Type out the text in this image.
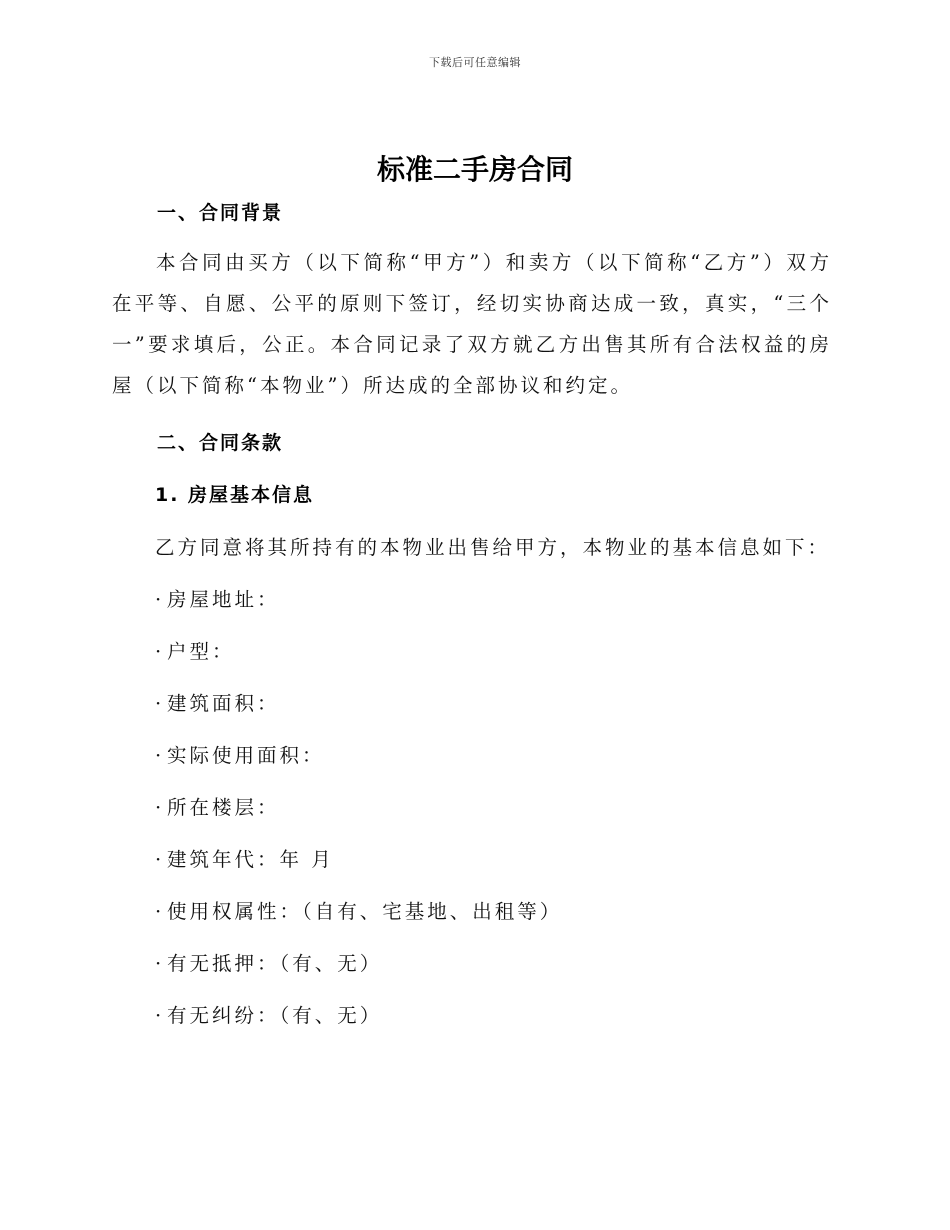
下载后可任意编辑
标准二手房合同
一、合同背景
本合同由买方（以下简称“甲方”）和卖方（以下简称“乙方”）双方在平等、自愿、公平的原则下签订，经切实协商达成一致，真实，“三个一”要求填后，公正。本合同记录了双方就乙方出售其所有合法权益的房屋（以下简称“本物业”）所达成的全部协议和约定。
二、合同条款
1. 房屋基本信息
乙方同意将其所持有的本物业出售给甲方，本物业的基本信息如下：
· 房屋地址：
· 户型：
· 建筑面积：
· 实际使用面积：
· 所在楼层：
· 建筑年代：年 月
· 使用权属性：（自有、宅基地、出租等）
· 有无抵押：（有、无）
· 有无纠纷：（有、无）
